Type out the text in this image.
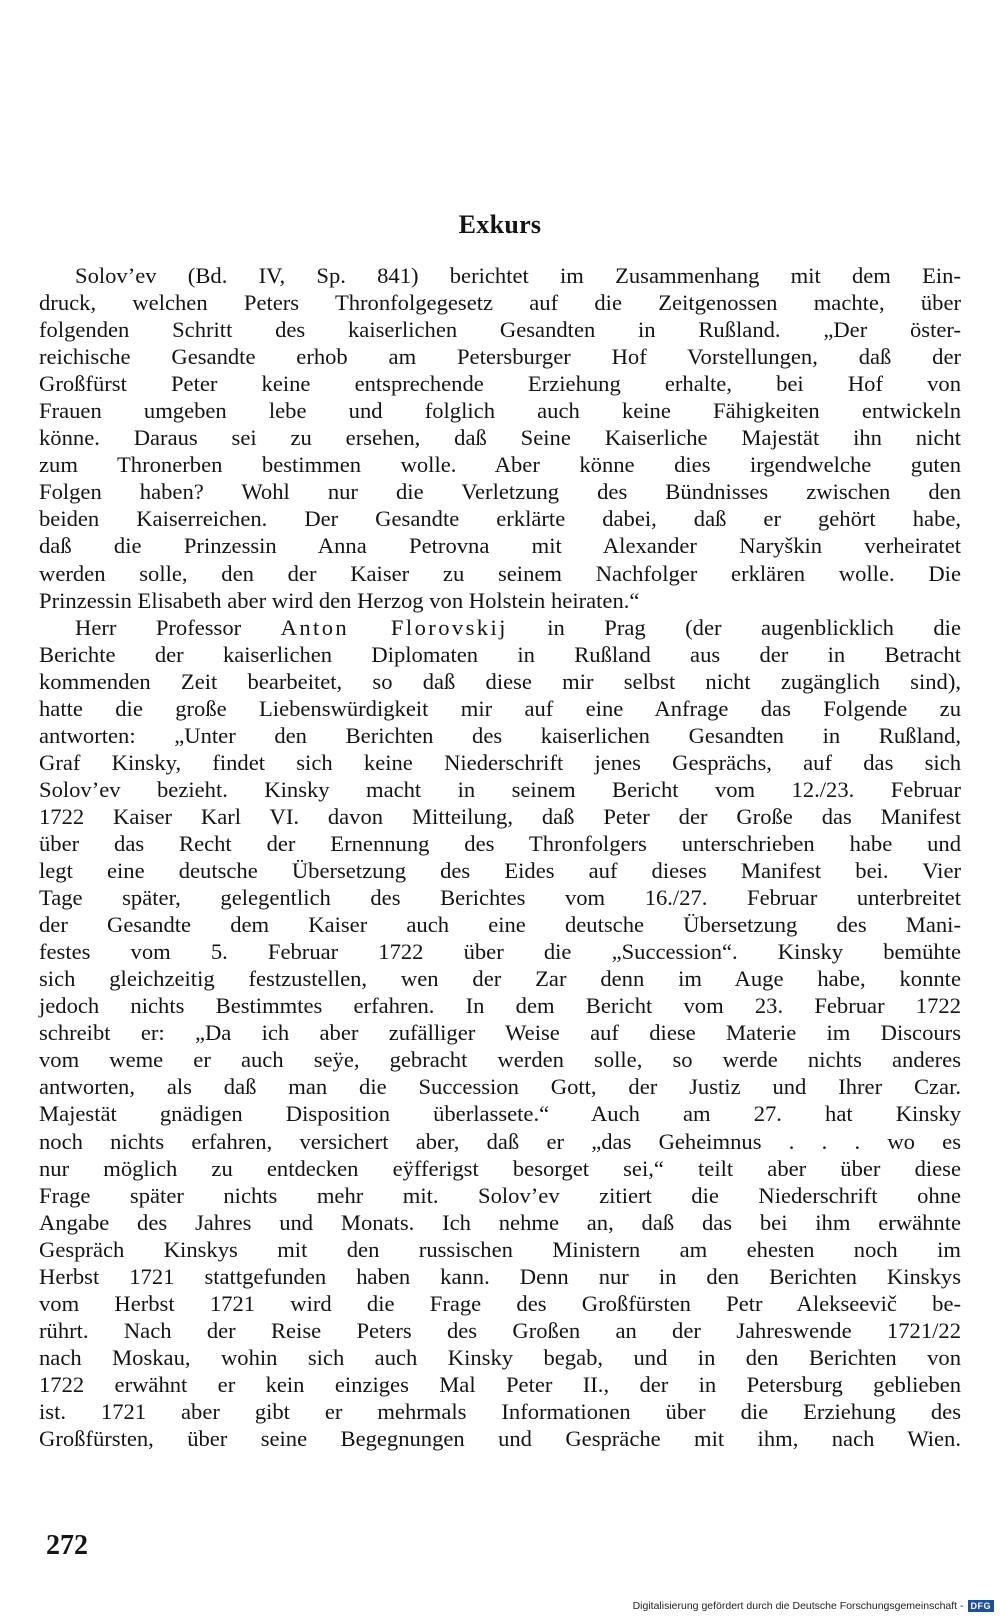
Exkurs
Solov’ev (Bd. IV, Sp. 841) berichtet im Zusammenhang mit dem Ein-
druck, welchen Peters Thronfolgegesetz auf die Zeitgenossen machte, über
folgenden Schritt des kaiserlichen Gesandten in Rußland. „Der öster-
reichische Gesandte erhob am Petersburger Hof Vorstellungen, daß der
Großfürst Peter keine entsprechende Erziehung erhalte, bei Hof von
Frauen umgeben lebe und folglich auch keine Fähigkeiten entwickeln
könne. Daraus sei zu ersehen, daß Seine Kaiserliche Majestät ihn nicht
zum Thronerben bestimmen wolle. Aber könne dies irgendwelche guten
Folgen haben? Wohl nur die Verletzung des Bündnisses zwischen den
beiden Kaiserreichen. Der Gesandte erklärte dabei, daß er gehört habe,
daß die Prinzessin Anna Petrovna mit Alexander Naryškin verheiratet
werden solle, den der Kaiser zu seinem Nachfolger erklären wolle. Die
Prinzessin Elisabeth aber wird den Herzog von Holstein heiraten.“
Herr Professor Anton Florovskij in Prag (der augenblicklich die
Berichte der kaiserlichen Diplomaten in Rußland aus der in Betracht
kommenden Zeit bearbeitet, so daß diese mir selbst nicht zugänglich sind),
hatte die große Liebenswürdigkeit mir auf eine Anfrage das Folgende zu
antworten: „Unter den Berichten des kaiserlichen Gesandten in Rußland,
Graf Kinsky, findet sich keine Niederschrift jenes Gesprächs, auf das sich
Solov’ev bezieht. Kinsky macht in seinem Bericht vom 12./23. Februar
1722 Kaiser Karl VI. davon Mitteilung, daß Peter der Große das Manifest
über das Recht der Ernennung des Thronfolgers unterschrieben habe und
legt eine deutsche Übersetzung des Eides auf dieses Manifest bei. Vier
Tage später, gelegentlich des Berichtes vom 16./27. Februar unterbreitet
der Gesandte dem Kaiser auch eine deutsche Übersetzung des Mani-
festes vom 5. Februar 1722 über die „Succession“. Kinsky bemühte
sich gleichzeitig festzustellen, wen der Zar denn im Auge habe, konnte
jedoch nichts Bestimmtes erfahren. In dem Bericht vom 23. Februar 1722
schreibt er: „Da ich aber zufälliger Weise auf diese Materie im Discours
vom weme er auch seÿe, gebracht werden solle, so werde nichts anderes
antworten, als daß man die Succession Gott, der Justiz und Ihrer Czar.
Majestät gnädigen Disposition überlassete.“ Auch am 27. hat Kinsky
noch nichts erfahren, versichert aber, daß er „das Geheimnus . . . wo es
nur möglich zu entdecken eÿfferigst besorget sei,“ teilt aber über diese
Frage später nichts mehr mit. Solov’ev zitiert die Niederschrift ohne
Angabe des Jahres und Monats. Ich nehme an, daß das bei ihm erwähnte
Gespräch Kinskys mit den russischen Ministern am ehesten noch im
Herbst 1721 stattgefunden haben kann. Denn nur in den Berichten Kinskys
vom Herbst 1721 wird die Frage des Großfürsten Petr Alekseevič be-
rührt. Nach der Reise Peters des Großen an der Jahreswende 1721/22
nach Moskau, wohin sich auch Kinsky begab, und in den Berichten von
1722 erwähnt er kein einziges Mal Peter II., der in Petersburg geblieben
ist. 1721 aber gibt er mehrmals Informationen über die Erziehung des
Großfürsten, über seine Begegnungen und Gespräche mit ihm, nach Wien.
272
Digitalisierung gefördert durch die Deutsche Forschungsgemeinschaft - DFG
